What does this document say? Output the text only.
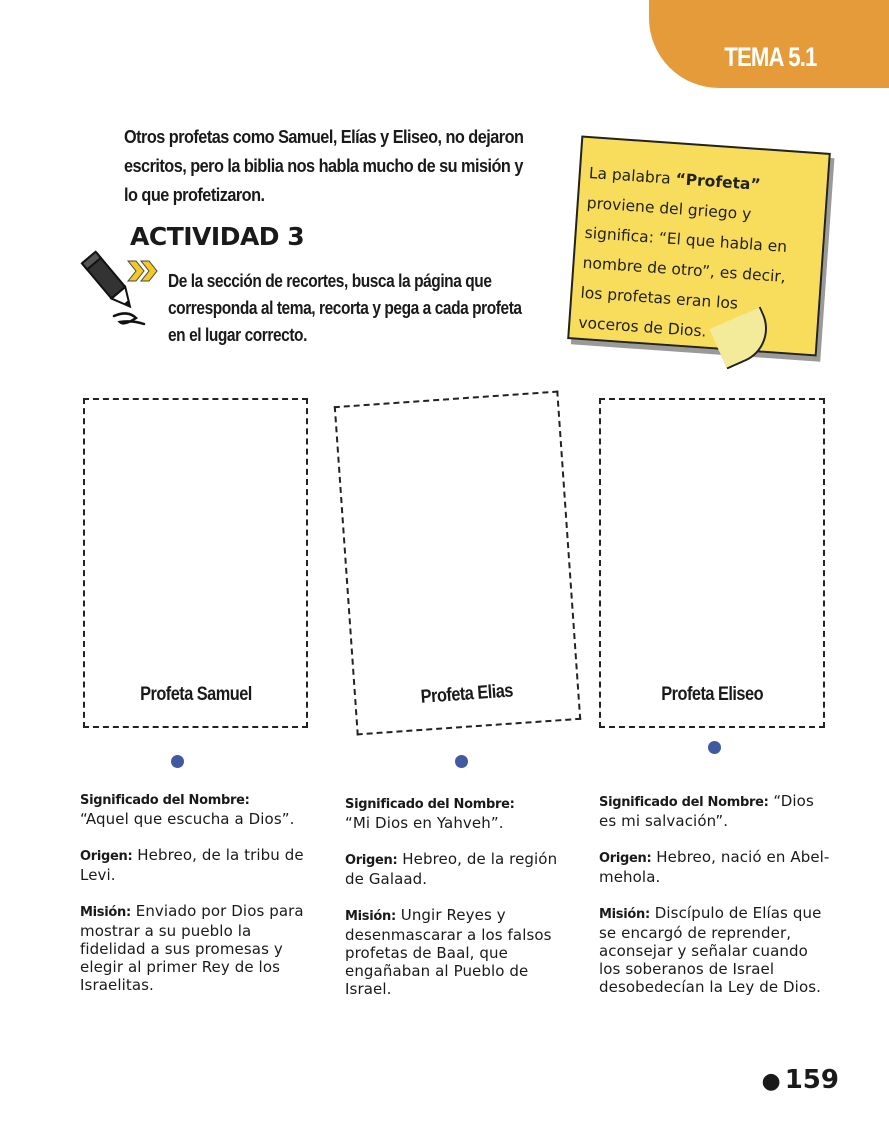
TEMA 5.1
Otros profetas como Samuel, Elías y Eliseo, no dejaron
escritos, pero la biblia nos habla mucho de su misión y
lo que profetizaron.
ACTIVIDAD 3
De la sección de recortes, busca la página que
corresponda al tema, recorta y pega a cada profeta
en el lugar correcto.
La palabra “Profeta”
proviene del griego y
significa: “El que habla en
nombre de otro”, es decir,
los profetas eran los
voceros de Dios.
Profeta Samuel	Profeta Elias	Profeta Eliseo

Significado del Nombre:
“Aquel que escucha a Dios”.

Origen: Hebreo, de la tribu de Levi.

Misión: Enviado por Dios para mostrar a su pueblo la fidelidad a sus promesas y elegir al primer Rey de los Israelitas.

Significado del Nombre:
“Mi Dios en Yahveh”.

Origen: Hebreo, de la región de Galaad.

Misión: Ungir Reyes y desenmascarar a los falsos profetas de Baal, que engañaban al Pueblo de Israel.

Significado del Nombre: “Dios es mi salvación”.

Origen: Hebreo, nació en Abel-mehola.

Misión: Discípulo de Elías que se encargó de reprender, aconsejar y señalar cuando los soberanos de Israel desobedecían la Ley de Dios.

● 159
